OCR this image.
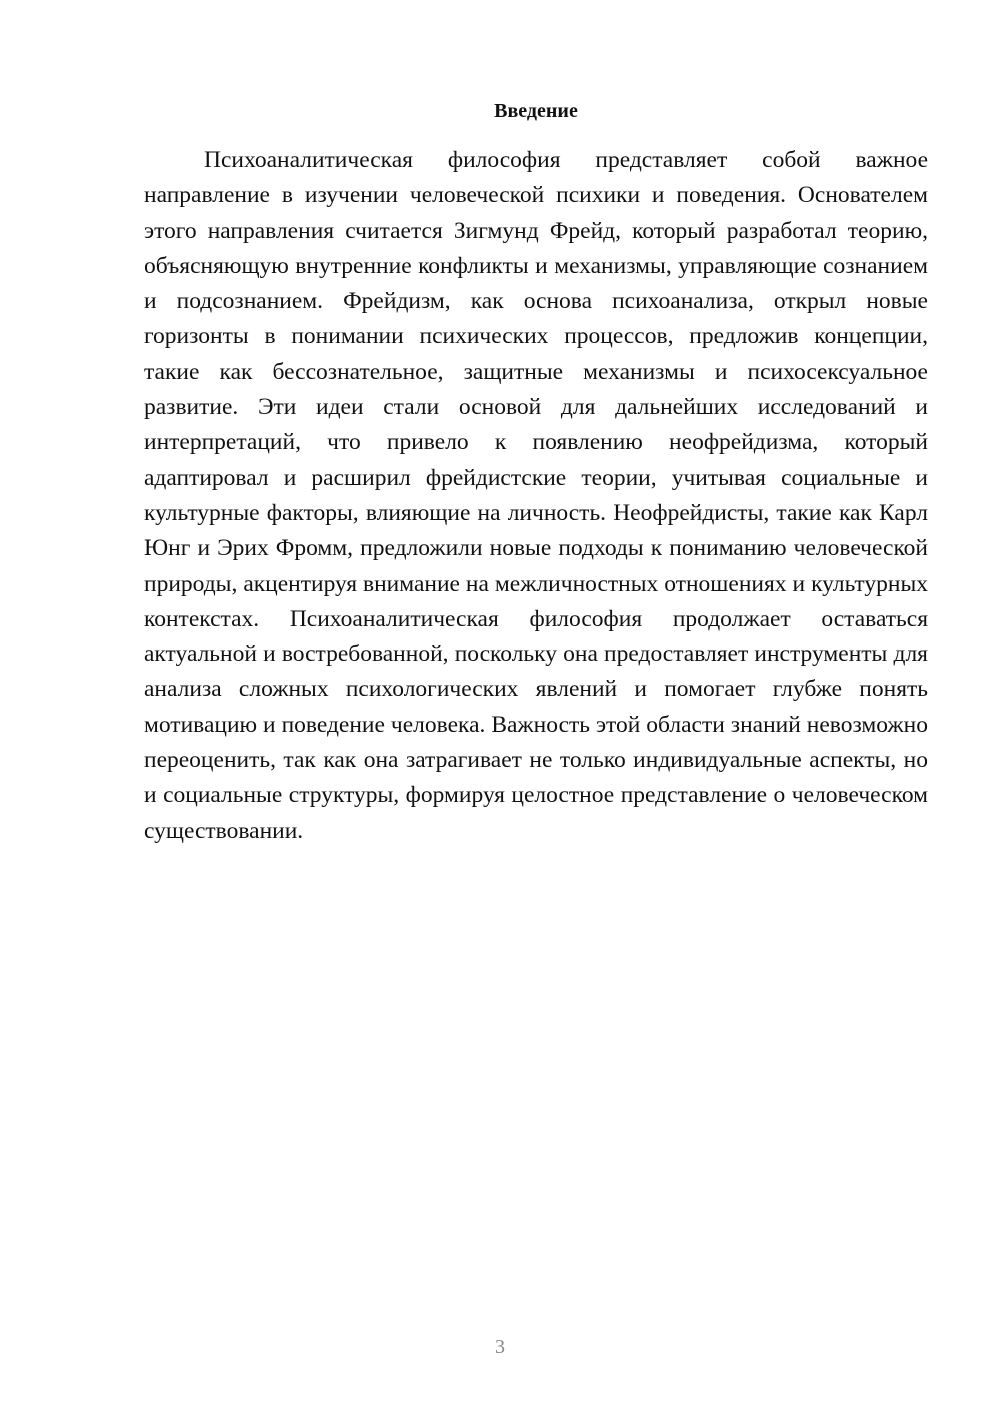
Введение

Психоаналитическая философия представляет собой важное направление в изучении человеческой психики и поведения. Основателем этого направления считается Зигмунд Фрейд, который разработал теорию, объясняющую внутренние конфликты и механизмы, управляющие сознанием и подсознанием. Фрейдизм, как основа психоанализа, открыл новые горизонты в понимании психических процессов, предложив концепции, такие как бессознательное, защитные механизмы и психосексуальное развитие. Эти идеи стали основой для дальнейших исследований и интерпретаций, что привело к появлению неофрейдизма, который адаптировал и расширил фрейдистские теории, учитывая социальные и культурные факторы, влияющие на личность. Неофрейдисты, такие как Карл Юнг и Эрих Фромм, предложили новые подходы к пониманию человеческой природы, акцентируя внимание на межличностных отношениях и культурных контекстах. Психоаналитическая философия продолжает оставаться актуальной и востребованной, поскольку она предоставляет инструменты для анализа сложных психологических явлений и помогает глубже понять мотивацию и поведение человека. Важность этой области знаний невозможно переоценить, так как она затрагивает не только индивидуальные аспекты, но и социальные структуры, формируя целостное представление о человеческом существовании.

3
